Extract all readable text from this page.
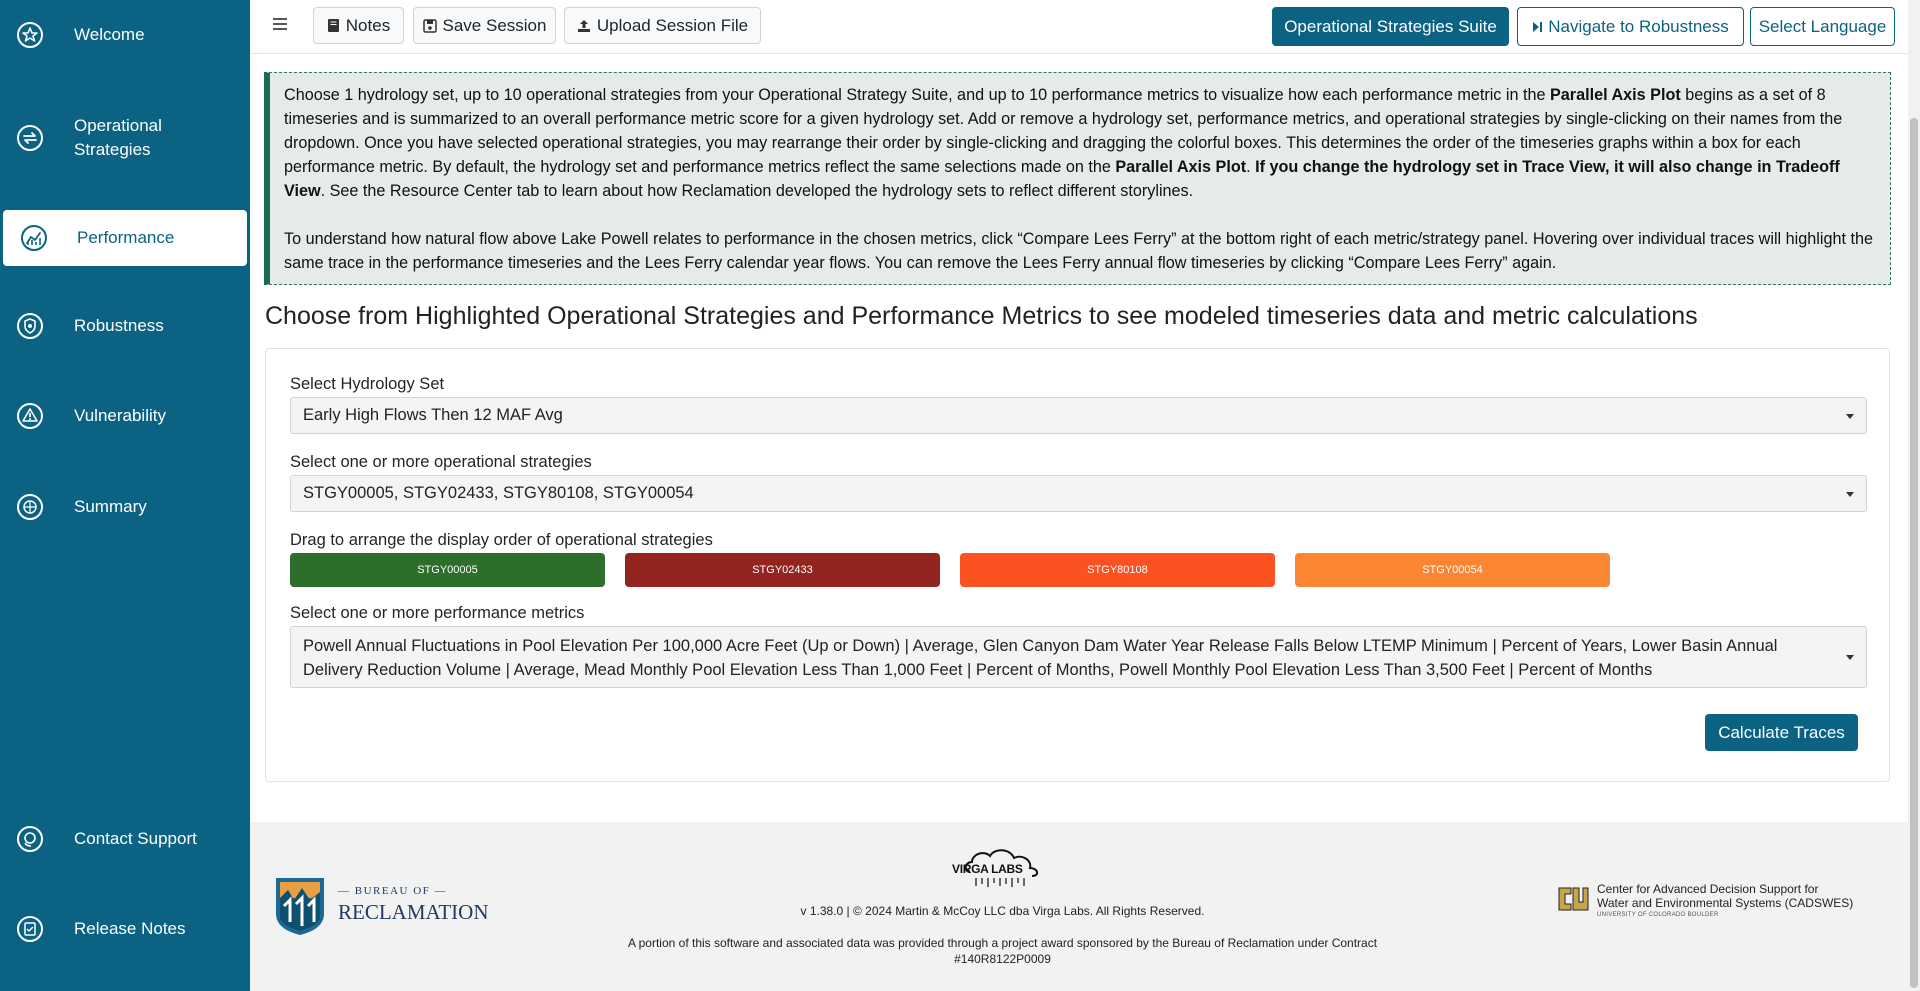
Welcome
Operational Strategies
Performance
Robustness
Vulnerability
Summary
Contact Support
Release Notes
Notes	Save Session	Upload Session File	Operational Strategies Suite	Navigate to Robustness Select Language

Choose 1 hydrology set, up to 10 operational strategies from your Operational Strategy Suite, and up to 10 performance metrics to visualize how each performance metric in the Parallel Axis Plot begins as a set of 8 timeseries and is summarized to an overall performance metric score for a given hydrology set. Add or remove a hydrology set, performance metrics, and operational strategies by single-clicking on their names from the dropdown. Once you have selected operational strategies, you may rearrange their order by single-clicking and dragging the colorful boxes. This determines the order of the timeseries graphs within a box for each performance metric. By default, the hydrology set and performance metrics reflect the same selections made on the Parallel Axis Plot. If you change the hydrology set in Trace View, it will also change in Tradeoff View. See the Resource Center tab to learn about how Reclamation developed the hydrology sets to reflect different storylines.

To understand how natural flow above Lake Powell relates to performance in the chosen metrics, click “Compare Lees Ferry” at the bottom right of each metric/strategy panel. Hovering over individual traces will highlight the same trace in the performance timeseries and the Lees Ferry calendar year flows. You can remove the Lees Ferry annual flow timeseries by clicking “Compare Lees Ferry” again.

Choose from Highlighted Operational Strategies and Performance Metrics to see modeled timeseries data and metric calculations
Select Hydrology Set
Early High Flows Then 12 MAF Avg
Select one or more operational strategies
STGY00005, STGY02433, STGY80108, STGY00054
Drag to arrange the display order of operational strategies
STGY00005	STGY02433	STGY80108	STGY00054
Select one or more performance metrics
Powell Annual Fluctuations in Pool Elevation Per 100,000 Acre Feet (Up or Down) | Average, Glen Canyon Dam Water Year Release Falls Below LTEMP Minimum | Percent of Years, Lower Basin Annual Delivery Reduction Volume | Average, Mead Monthly Pool Elevation Less Than 1,000 Feet | Percent of Months, Powell Monthly Pool Elevation Less Than 3,500 Feet | Percent of Months
Calculate Traces
— BUREAU OF —
RECLAMATION
VIRGA LABS
v 1.38.0 | © 2024 Martin & McCoy LLC dba Virga Labs. All Rights Reserved.
A portion of this software and associated data was provided through a project award sponsored by the Bureau of Reclamation under Contract
#140R8122P0009
Center for Advanced Decision Support for
Water and Environmental Systems (CADSWES)
UNIVERSITY OF COLORADO BOULDER
